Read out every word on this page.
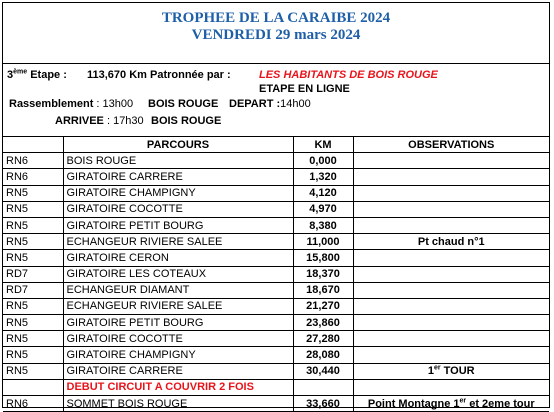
TROPHEE DE LA CARAIBE 2024
VENDREDI 29 mars 2024
3ème Etape : 113,670 Km Patronnée par :	LES HABITANTS DE BOIS ROUGE
ETAPE EN LIGNE
Rassemblement : 13h00 BOIS ROUGE DEPART :14h00
ARRIVEE : 17h30 BOIS ROUGE
	PARCOURS	KM	OBSERVATIONS
RN6	BOIS ROUGE	0,000	
RN6	GIRATOIRE CARRERE	1,320	
RN5	GIRATOIRE CHAMPIGNY	4,120	
RN5	GIRATOIRE COCOTTE	4,970	
RN5	GIRATOIRE PETIT BOURG	8,380	
RN5	ECHANGEUR RIVIERE SALEE	11,000	Pt chaud n°1
RN5	GIRATOIRE CERON	15,800	
RD7	GIRATOIRE LES COTEAUX	18,370	
RD7	ECHANGEUR DIAMANT	18,670	
RN5	ECHANGEUR RIVIERE SALEE	21,270	
RN5	GIRATOIRE PETIT BOURG	23,860	
RN5	GIRATOIRE COCOTTE	27,280	
RN5	GIRATOIRE CHAMPIGNY	28,080	
RN5	GIRATOIRE CARRERE	30,440	1er TOUR
	DEBUT CIRCUIT A COUVRIR 2 FOIS		
RN6	SOMMET BOIS ROUGE	33,660	Point Montagne 1er et 2eme tour
